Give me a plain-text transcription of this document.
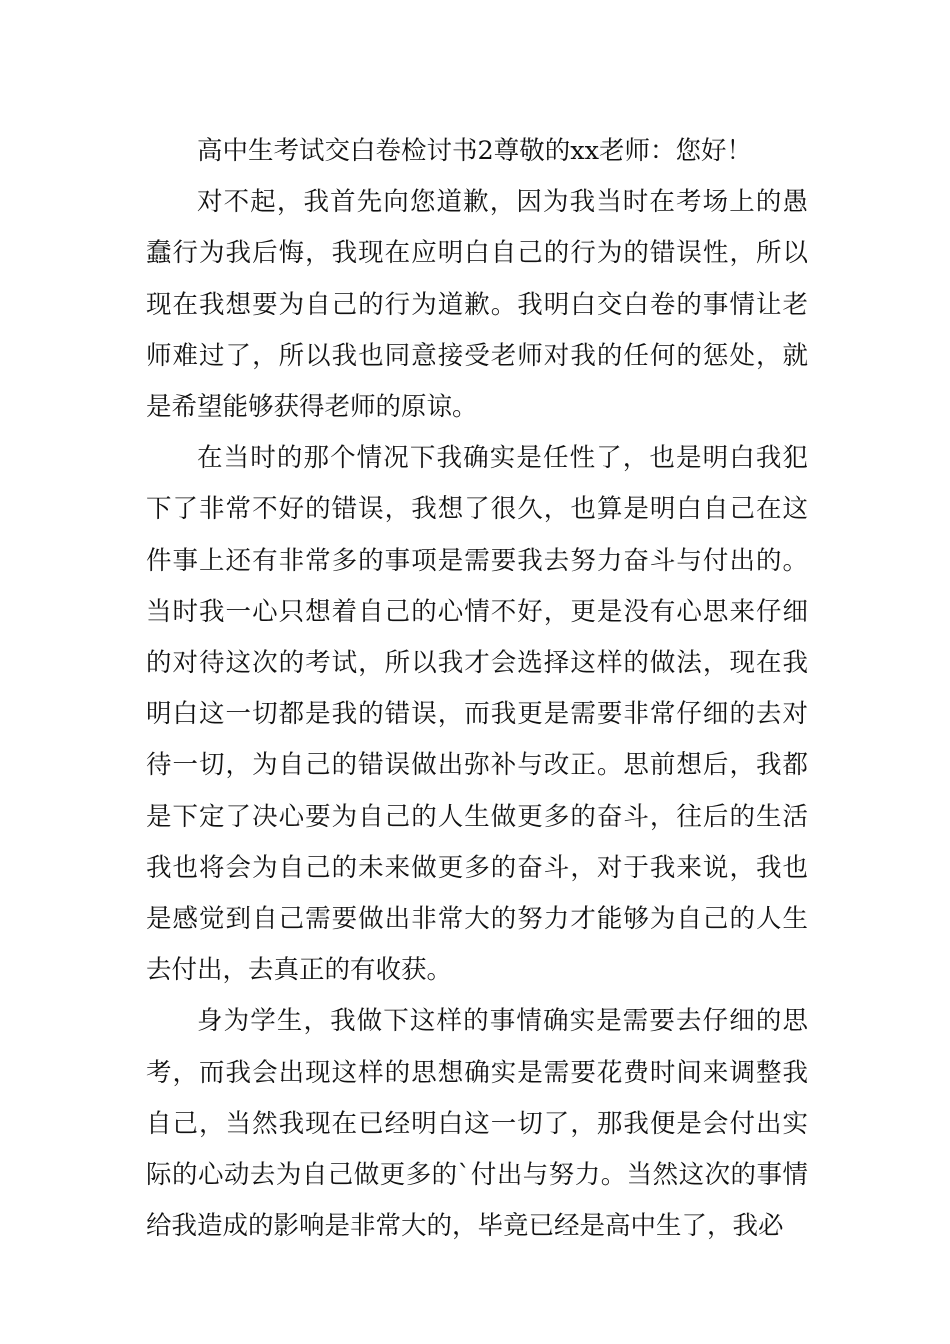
高中生考试交白卷检讨书2尊敬的xx老师：您好！

对不起，我首先向您道歉，因为我当时在考场上的愚蠢行为我后悔，我现在应明白自己的行为的错误性，所以现在我想要为自己的行为道歉。我明白交白卷的事情让老师难过了，所以我也同意接受老师对我的任何的惩处，就是希望能够获得老师的原谅。

在当时的那个情况下我确实是任性了，也是明白我犯下了非常不好的错误，我想了很久，也算是明白自己在这件事上还有非常多的事项是需要我去努力奋斗与付出的。当时我一心只想着自己的心情不好，更是没有心思来仔细的对待这次的考试，所以我才会选择这样的做法，现在我明白这一切都是我的错误，而我更是需要非常仔细的去对待一切，为自己的错误做出弥补与改正。思前想后，我都是下定了决心要为自己的人生做更多的奋斗，往后的生活我也将会为自己的未来做更多的奋斗，对于我来说，我也是感觉到自己需要做出非常大的努力才能够为自己的人生去付出，去真正的有收获。

身为学生，我做下这样的事情确实是需要去仔细的思考，而我会出现这样的思想确实是需要花费时间来调整我自己，当然我现在已经明白这一切了，那我便是会付出实际的心动去为自己做更多的`付出与努力。当然这次的事情给我造成的影响是非常大的，毕竟已经是高中生了，我必
